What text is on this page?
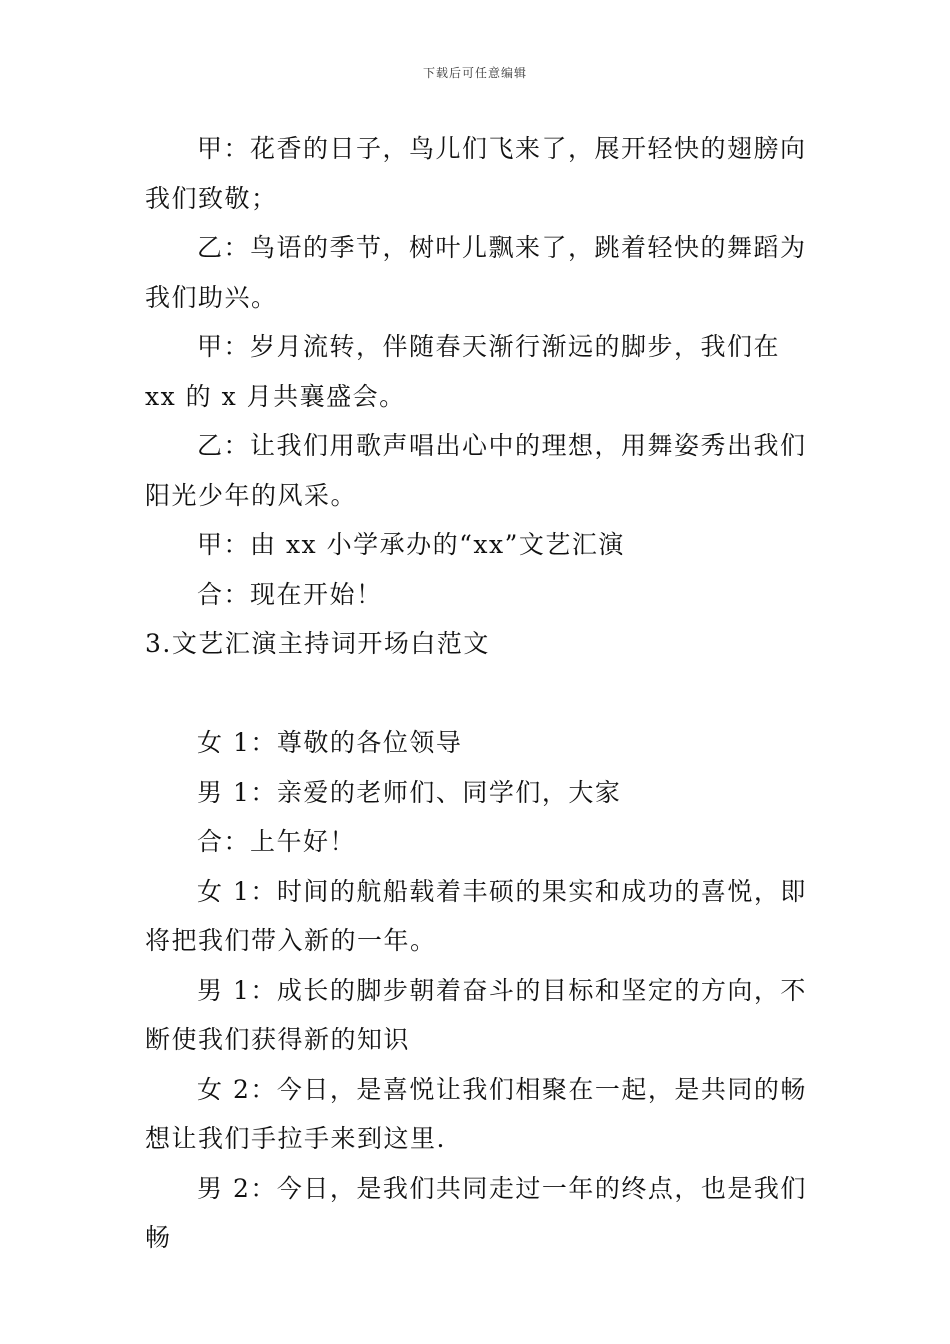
下载后可任意编辑

甲：花香的日子，鸟儿们飞来了，展开轻快的翅膀向我们致敬；

乙：鸟语的季节，树叶儿飘来了，跳着轻快的舞蹈为我们助兴。

甲：岁月流转，伴随春天渐行渐远的脚步，我们在 xx 的 x 月共襄盛会。

乙：让我们用歌声唱出心中的理想，用舞姿秀出我们阳光少年的风采。

甲：由 xx 小学承办的“xx”文艺汇演

合：现在开始！

3.文艺汇演主持词开场白范文

女 1：尊敬的各位领导

男 1：亲爱的老师们、同学们，大家

合：上午好！

女 1：时间的航船载着丰硕的果实和成功的喜悦，即将把我们带入新的一年。

男 1：成长的脚步朝着奋斗的目标和坚定的方向，不断使我们获得新的知识

女 2：今日，是喜悦让我们相聚在一起，是共同的畅想让我们手拉手来到这里.

男 2：今日，是我们共同走过一年的终点，也是我们畅
